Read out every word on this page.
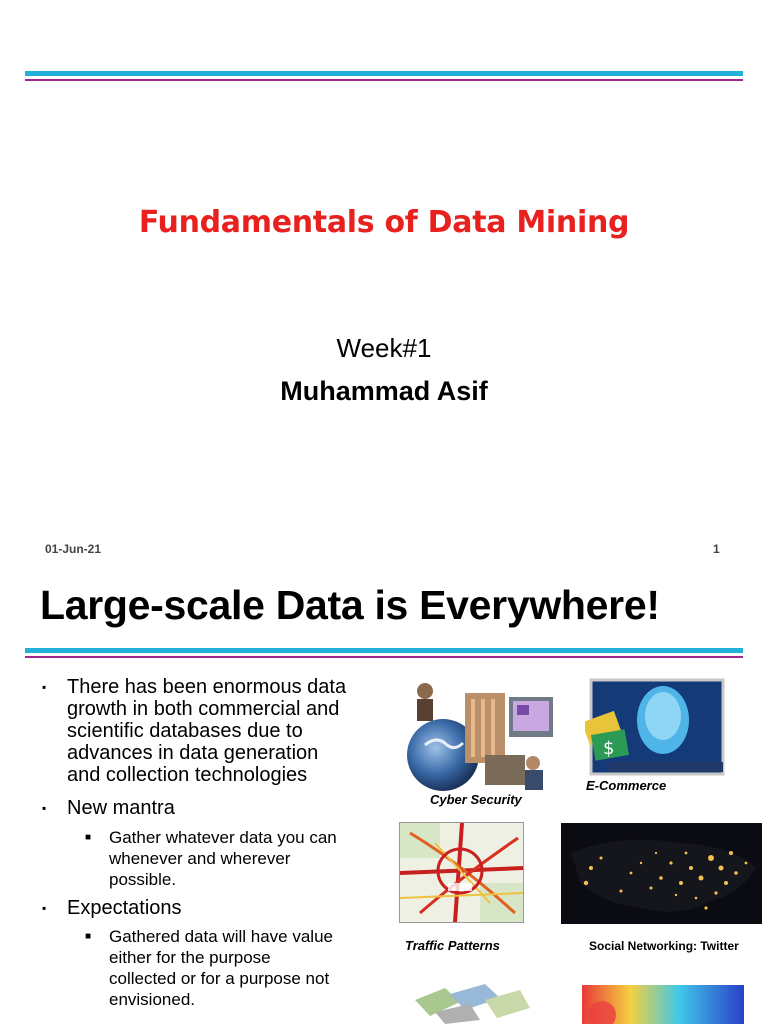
Fundamentals of Data Mining
Week#1
Muhammad Asif
01-Jun-21	1
Large-scale Data is Everywhere!
▪ There has been enormous data
growth in both commercial and
scientific databases due to
advances in data generation
and collection technologies
▪ New mantra
■ Gather whatever data you can
whenever and wherever
possible.
▪ Expectations
■ Gathered data will have value
either for the purpose
collected or for a purpose not
envisioned.
Cyber Security
$
E-Commerce
Traffic Patterns	Social Networking: Twitter
